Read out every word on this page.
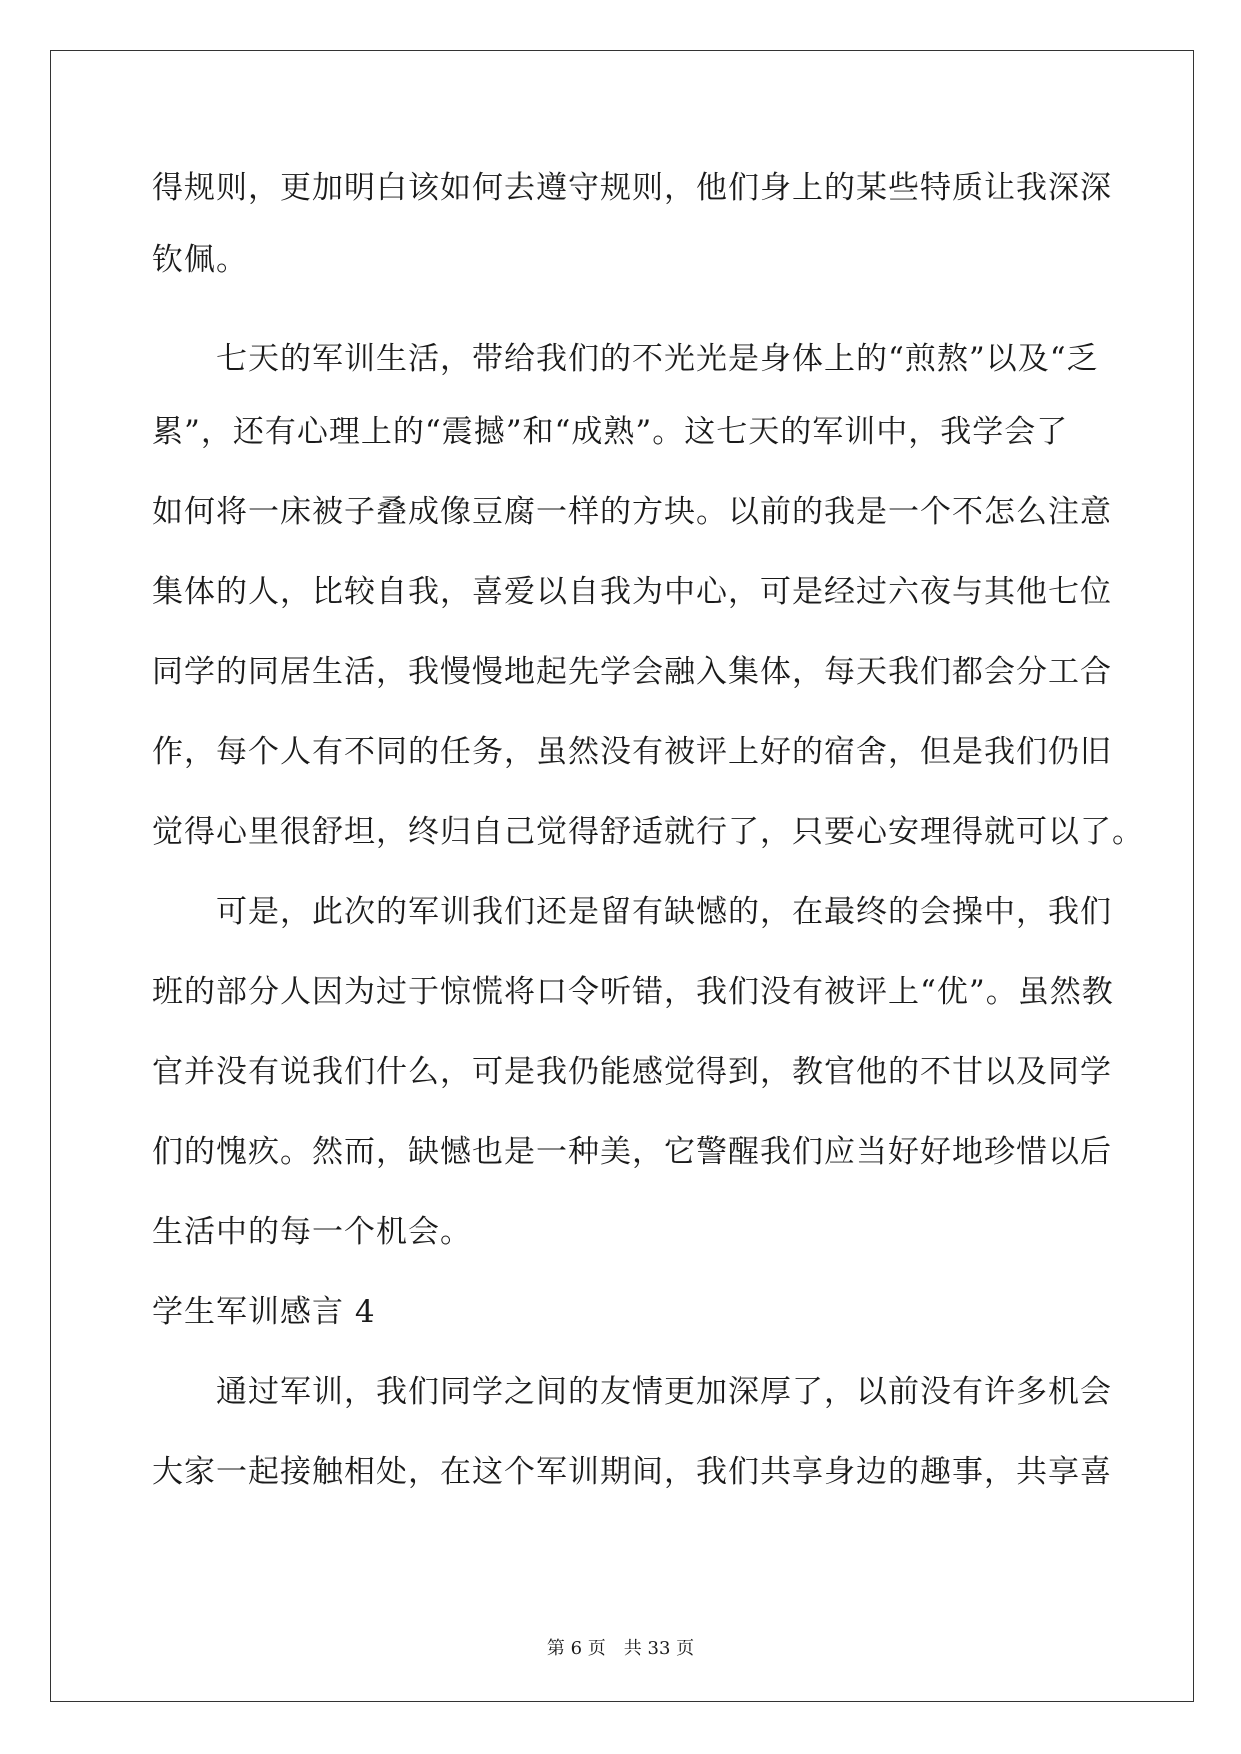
得规则，更加明白该如何去遵守规则，他们身上的某些特质让我深深
钦佩。
　　七天的军训生活，带给我们的不光光是身体上的“煎熬”以及“乏
累”，还有心理上的“震撼”和“成熟”。这七天的军训中，我学会了
如何将一床被子叠成像豆腐一样的方块。以前的我是一个不怎么注意
集体的人，比较自我，喜爱以自我为中心，可是经过六夜与其他七位
同学的同居生活，我慢慢地起先学会融入集体，每天我们都会分工合
作，每个人有不同的任务，虽然没有被评上好的宿舍，但是我们仍旧
觉得心里很舒坦，终归自己觉得舒适就行了，只要心安理得就可以了。
　　可是，此次的军训我们还是留有缺憾的，在最终的会操中，我们
班的部分人因为过于惊慌将口令听错，我们没有被评上“优”。虽然教
官并没有说我们什么，可是我仍能感觉得到，教官他的不甘以及同学
们的愧疚。然而，缺憾也是一种美，它警醒我们应当好好地珍惜以后
生活中的每一个机会。
学生军训感言 4
　　通过军训，我们同学之间的友情更加深厚了，以前没有许多机会
大家一起接触相处，在这个军训期间，我们共享身边的趣事，共享喜
第 6 页　共 33 页
